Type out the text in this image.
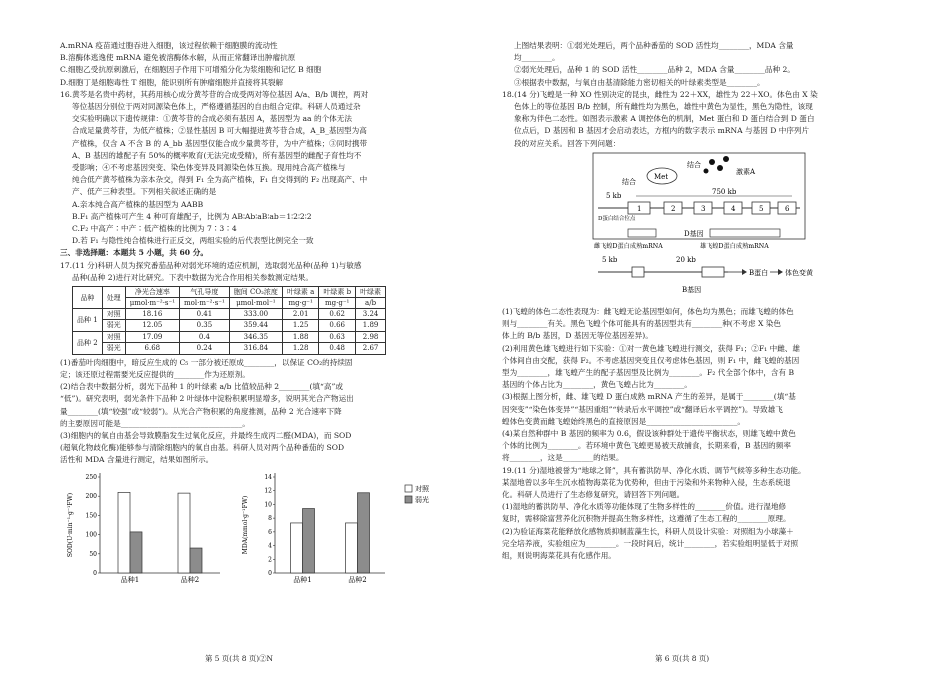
A.mRNA 疫苗通过胞吞进入细胞，该过程依赖于细胞膜的流动性

B.溶酶体逃逸使 mRNA 避免被溶酶体水解，从而正常翻译出肿瘤抗原

C.细胞乙受抗原刺激后，在细胞因子作用下可增殖分化为浆细胞和记忆 B 细胞

D.细胞丁是细胞毒性 T 细胞，能识别所有肿瘤细胞并直接将其裂解

16.黄芩是名贵中药材，其药用核心成分黄芩苷的合成受两对等位基因 A/a、B/b 调控，两对

等位基因分别位于两对同源染色体上，严格遵循基因的自由组合定律。科研人员通过杂

交实验明确以下遗传规律：①黄芩苷的合成必须有基因 A，基因型为 aa 的个体无法

合成足量黄芩苷，为低产植株；②显性基因 B 可大幅提进黄芩苷合成，A_B_基因型为高

产植株，仅含 A 不含 B 的 A_bb 基因型仅能合成少量黄芩苷，为中产植株；③同时携带

A、B 基因的雄配子有 50%的概率败育(无法完成受精)，所有基因型的雌配子育性均不

受影响；④不考虑基因突变、染色体变异及同源染色体互换。现用纯合高产植株与

纯合低产黄芩植株为亲本杂交，得到 F₁ 全为高产植株，F₁ 自交得到的 F₂ 出现高产、中

产、低产三种表型。下列相关叙述正确的是

A.亲本纯合高产植株的基因型为 AABB

B.F₁ 高产植株可产生 4 种可育雄配子，比例为 AB∶Ab∶aB∶ab＝1∶2∶2∶2

C.F₂ 中高产∶中产∶低产植株的比例为 7∶3∶4

D.若 F₁ 与隐性纯合植株进行正反交，两组实验的后代表型比例完全一致

三、非选择题：本题共 5 小题，共 60 分。

17.(11 分)科研人员为探究番茄品种对弱光环境的适应机制，选取弱光品种(品种 1)与敏感

品种(品种 2)进行对比研究。下表中数据为光合作用相关参数测定结果。

品种	处理	净光合速率	气孔导度	胞间 CO₂浓度	叶绿素 a	叶绿素 b	叶绿素
		μmol·m⁻²·s⁻¹	mol·m⁻²·s⁻¹	μmol·mol⁻¹	mg·g⁻¹	mg·g⁻¹	a/b
品种 1	对照	18.16	0.41	333.00	2.01	0.62	3.24
	弱光	12.05	0.35	359.44	1.25	0.66	1.89
品种 2	对照	17.09	0.4	346.35	1.88	0.63	2.98
	弱光	6.68	0.24	316.84	1.28	0.48	2.67

(1)番茄叶肉细胞中，暗反应生成的 C₅ 一部分被还原成________，以保证 CO₂的持续固

定；该还原过程需要光反应提供的________作为还原剂。

(2)结合表中数据分析，弱光下品种 1 的叶绿素 a/b 比值较品种 2________(填“高”或

“低”)。研究表明，弱光条件下品种 2 叶绿体中淀粉积累明显增多，说明其光合产物运出

量________(填“较强”或“较弱”)。从光合产物积累的角度推测，品种 2 光合速率下降

的主要原因可能是________________________________。

(3)细胞内的氧自由基会导致膜脂发生过氧化反应，并最终生成丙二醛(MDA)，而 SOD

(超氧化物歧化酶)能够参与清除细胞内的氧自由基。科研人员对两个品种番茄的 SOD

活性和 MDA 含量进行测定，结果如图所示。

SOD(U·min⁻¹·g⁻¹FW)
0
50
100
150
200
250
品种1	品种2
MDA(mmol·g⁻¹FW)
0
2
4
6
8
10
12
14
品种1	品种2
对照
弱光
第 5 页(共 8 页)②N

上图结果表明：①弱光处理后，两个品种番茄的 SOD 活性均________，MDA 含量

均________。

②弱光处理后，品种 1 的 SOD 活性________品种 2，MDA 含量________品种 2。

③根据表中数据，与氧自由基清除能力密切相关的叶绿素类型是________。

18.(14 分)飞蝗是一种 XO 性别决定的昆虫，雌性为 22＋XX，雄性为 22＋XO。体色由 X 染

色体上的等位基因 B/b 控制，所有雌性均为黑色，雄性中黄色为显性，黑色为隐性，该现

象称为伴色二态性。如图表示激素 A 调控体色的机制，Met 蛋白和 D 蛋白结合到 D 蛋白

位点后，D 基因和 B 基因才会启动表达，方框内的数字表示 mRNA 与基因 D 中序列片

段的对应关系。回答下列问题：

Met
结合
激素A
结合
5 kb	750 kb
1	2	3	4	5	6
D蛋白结合位点
D基因
雌飞蝗D蛋白成熟mRNA	雄飞蝗D蛋白成熟mRNA
5 kb	20 kb
B蛋白 体色变黄
B基因

(1)飞蝗的体色二态性表现为：雌飞蝗无论基因型如何，体色均为黑色；而雄飞蝗的体色

则与________有关。黑色飞蝗个体可能具有的基因型共有________种(不考虑 X 染色

体上的 B/b 基因，D 基因无等位基因差异)。

(2)利用黄色雄飞蝗进行如下实验：①对一黄色雄飞蝗进行测交，获得 F₁；②F₁ 中雌、雄

个体间自由交配，获得 F₂。不考虑基因突变且仅考虑体色基因，则 F₁ 中，雌飞蝗的基因

型为________，雄飞蝗产生的配子基因型及比例为________。F₂ 代全部个体中，含有 B

基因的个体占比为________，黄色飞蝗占比为________。

(3)根据上图分析，雌、雄飞蝗 D 蛋白成熟 mRNA 产生的差异，是属于________(填“基

因突变”“染色体变异”“基因重组”“转录后水平调控”或“翻译后水平调控”)。导致雄飞

蝗体色变黄而雌飞蝗始终黑色的直接原因是________________________。

(4)某自然种群中 B 基因的频率为 0.6，假设该种群处于遗传平衡状态，则雄飞蝗中黄色

个体的比例为________。若环境中黄色飞蝗更易被天敌捕食，长期来看，B 基因的频率

将________，这是________的结果。

19.(11 分)湿地被誉为“地球之肾”，具有蓄洪防旱、净化水质、调节气候等多种生态功能。

某湿地曾以多年生沉水植物海菜花为优势种，但由于污染和外来物种入侵，生态系统退

化。科研人员进行了生态修复研究，请回答下列问题。

(1)湿地的蓄洪防旱、净化水质等功能体现了生物多样性的________价值。进行湿地修

复时，需移除富营养化沉积物并提高生物多样性，这遵循了生态工程的________原理。

(2)为验证海菜花能释放化感物质抑制蓝藻生长，科研人员设计实验：对照组为小球藻＋

完全培养液，实验组应为________。一段时间后，统计________，若实验组明显低于对照

组，则说明海菜花具有化感作用。

第 6 页(共 8 页)
